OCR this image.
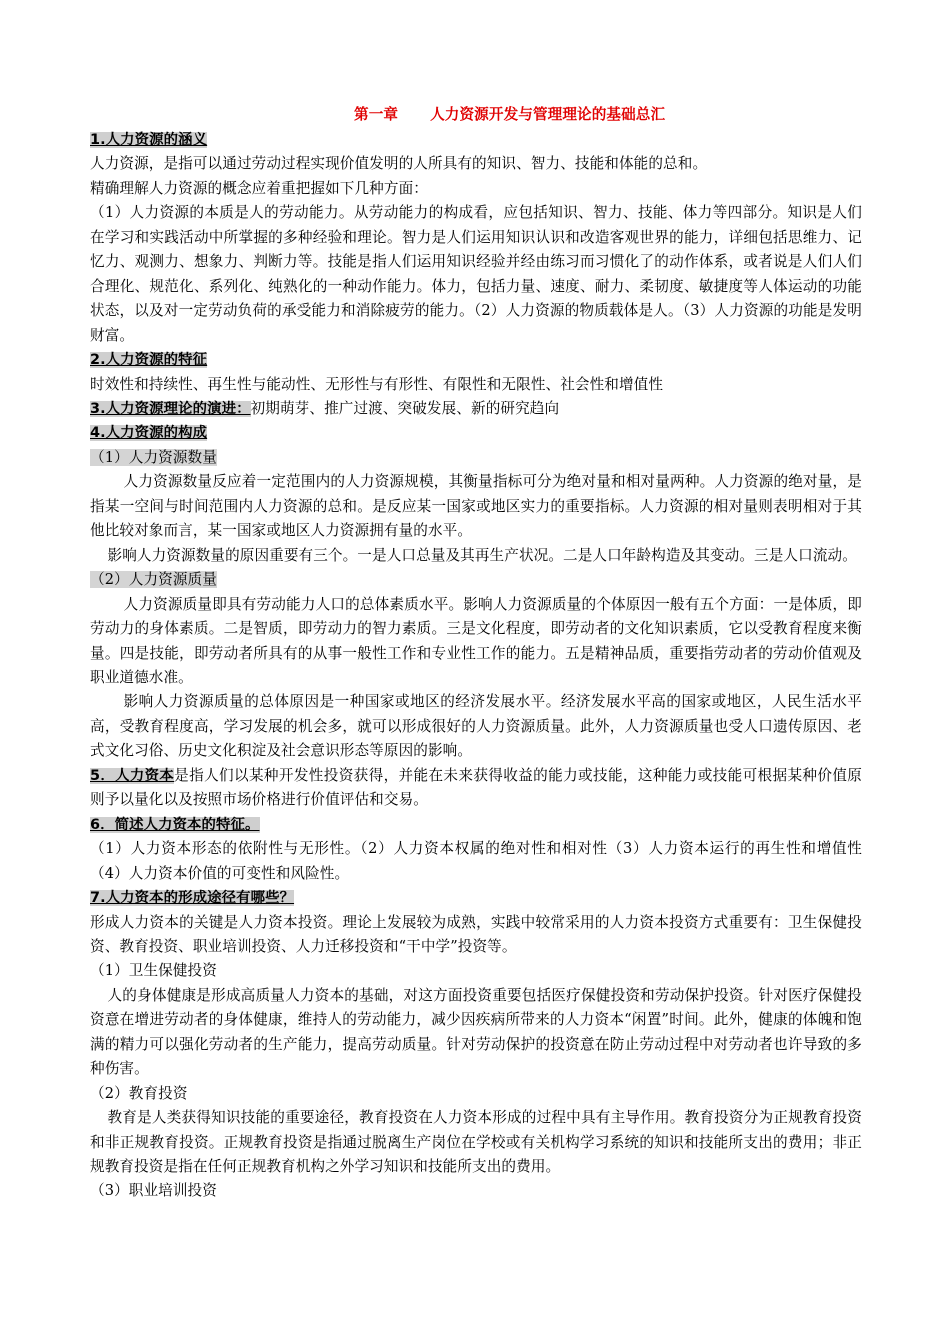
第一章 人力资源开发与管理理论的基础总汇

1.人力资源的涵义

人力资源，是指可以通过劳动过程实现价值发明的人所具有的知识、智力、技能和体能的总和。

精确理解人力资源的概念应着重把握如下几种方面：

（1）人力资源的本质是人的劳动能力。从劳动能力的构成看，应包括知识、智力、技能、体力等四部分。知识是人们在学习和实践活动中所掌握的多种经验和理论。智力是人们运用知识认识和改造客观世界的能力，详细包括思维力、记忆力、观测力、想象力、判断力等。技能是指人们运用知识经验并经由练习而习惯化了的动作体系，或者说是人们人们合理化、规范化、系列化、纯熟化的一种动作能力。体力，包括力量、速度、耐力、柔韧度、敏捷度等人体运动的功能状态，以及对一定劳动负荷的承受能力和消除疲劳的能力。（2）人力资源的物质载体是人。（3）人力资源的功能是发明财富。

2.人力资源的特征

时效性和持续性、再生性与能动性、无形性与有形性、有限性和无限性、社会性和增值性

3.人力资源理论的演进：初期萌芽、推广过渡、突破发展、新的研究趋向

4.人力资源的构成

（1）人力资源数量

人力资源数量反应着一定范围内的人力资源规模，其衡量指标可分为绝对量和相对量两种。人力资源的绝对量，是指某一空间与时间范围内人力资源的总和。是反应某一国家或地区实力的重要指标。人力资源的相对量则表明相对于其他比较对象而言，某一国家或地区人力资源拥有量的水平。

影响人力资源数量的原因重要有三个。一是人口总量及其再生产状况。二是人口年龄构造及其变动。三是人口流动。

（2）人力资源质量

人力资源质量即具有劳动能力人口的总体素质水平。影响人力资源质量的个体原因一般有五个方面：一是体质，即劳动力的身体素质。二是智质，即劳动力的智力素质。三是文化程度，即劳动者的文化知识素质，它以受教育程度来衡量。四是技能，即劳动者所具有的从事一般性工作和专业性工作的能力。五是精神品质，重要指劳动者的劳动价值观及职业道德水准。

影响人力资源质量的总体原因是一种国家或地区的经济发展水平。经济发展水平高的国家或地区，人民生活水平高，受教育程度高，学习发展的机会多，就可以形成很好的人力资源质量。此外，人力资源质量也受人口遗传原因、老式文化习俗、历史文化积淀及社会意识形态等原因的影响。

5．人力资本是指人们以某种开发性投资获得，并能在未来获得收益的能力或技能，这种能力或技能可根据某种价值原则予以量化以及按照市场价格进行价值评估和交易。

6．简述人力资本的特征。

（1）人力资本形态的依附性与无形性。（2）人力资本权属的绝对性和相对性（3）人力资本运行的再生性和增值性（4）人力资本价值的可变性和风险性。

7.人力资本的形成途径有哪些？

形成人力资本的关键是人力资本投资。理论上发展较为成熟，实践中较常采用的人力资本投资方式重要有：卫生保健投资、教育投资、职业培训投资、人力迁移投资和“干中学”投资等。

（1）卫生保健投资

人的身体健康是形成高质量人力资本的基础，对这方面投资重要包括医疗保健投资和劳动保护投资。针对医疗保健投资意在增进劳动者的身体健康，维持人的劳动能力，减少因疾病所带来的人力资本“闲置”时间。此外，健康的体魄和饱满的精力可以强化劳动者的生产能力，提高劳动质量。针对劳动保护的投资意在防止劳动过程中对劳动者也许导致的多种伤害。

（2）教育投资

教育是人类获得知识技能的重要途径，教育投资在人力资本形成的过程中具有主导作用。教育投资分为正规教育投资和非正规教育投资。正规教育投资是指通过脱离生产岗位在学校或有关机构学习系统的知识和技能所支出的费用；非正规教育投资是指在任何正规教育机构之外学习知识和技能所支出的费用。

（3）职业培训投资
